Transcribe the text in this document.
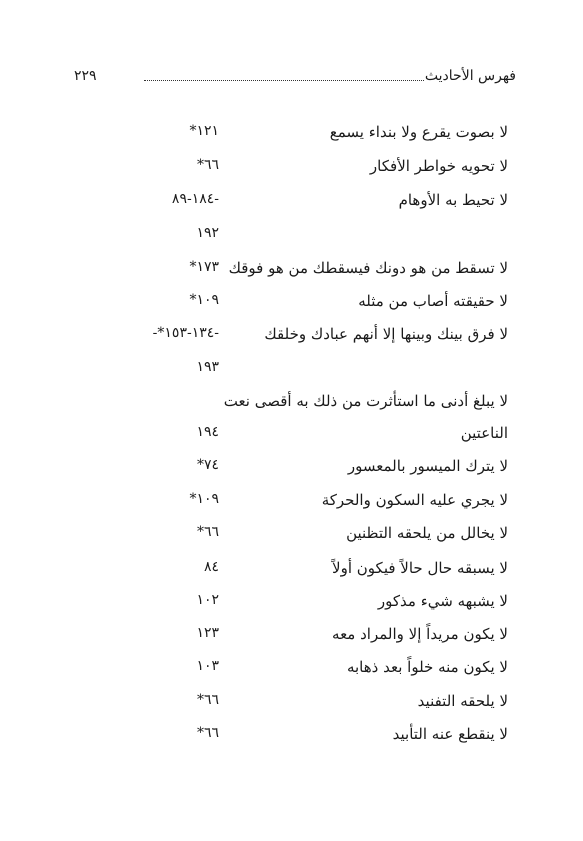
فهرس الأحاديث
٢٢٩
لا بصوت يقرع ولا بنداء يسمع
١٢١*
لا تحويه خواطر الأفكار
٦٦*
لا تحيط به الأوهام
-١٨٤-٨٩
١٩٢
لا تسقط من هو دونك فيسقطك من هو فوقك
١٧٣*
لا حقيقته أصاب من مثله
١٠٩*
لا فرق بينك وبينها إلا أنهم عبادك وخلقك
-١٣٤-١٥٣*-
١٩٣
لا يبلغ أدنى ما استأثرت من ذلك به أقصى نعت
الناعتين
١٩٤
لا يترك الميسور بالمعسور
٧٤*
لا يجري عليه السكون والحركة
١٠٩*
لا يخالل من يلحقه التظنين
٦٦*
لا يسبقه حال حالاً فيكون أولاً
٨٤
لا يشبهه شيء مذكور
١٠٢
لا يكون مريداً إلا والمراد معه
١٢٣
لا يكون منه خلواً بعد ذهابه
١٠٣
لا يلحقه التفنيد
٦٦*
لا ينقطع عنه التأبيد
٦٦*
